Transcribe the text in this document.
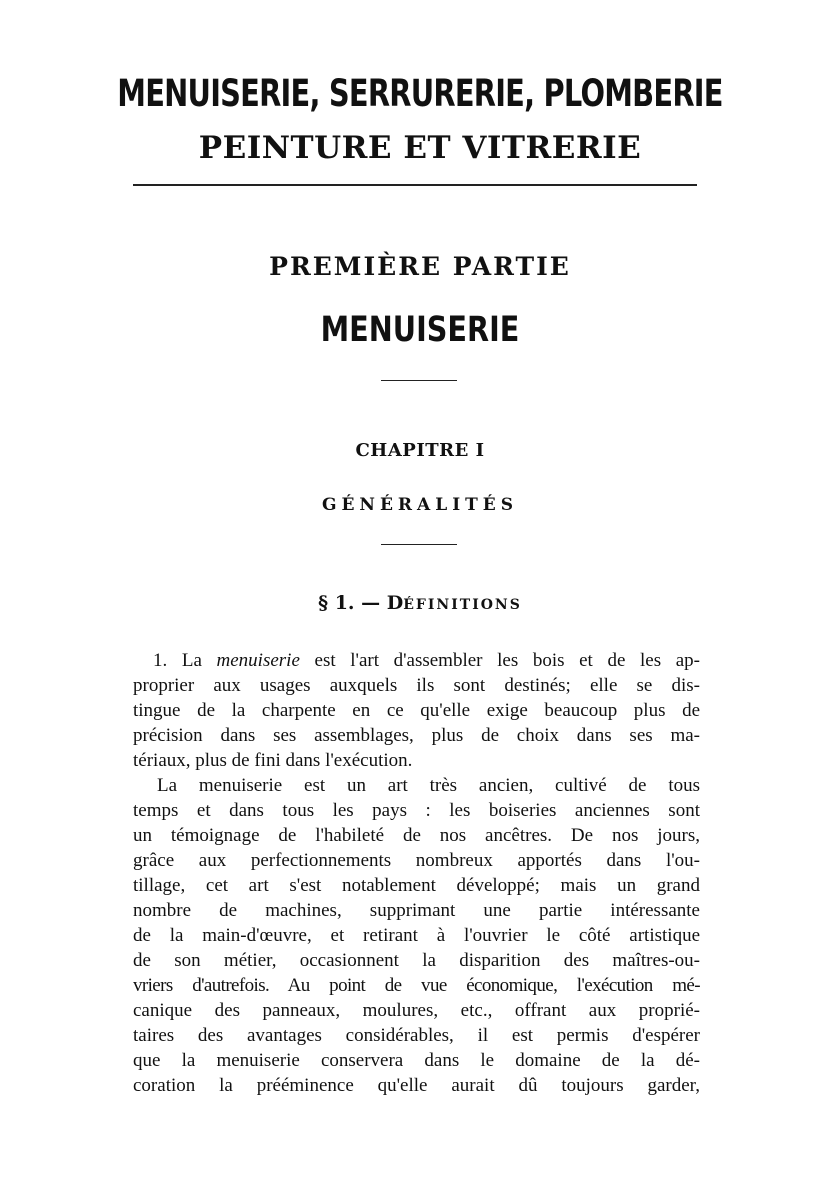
MENUISERIE, SERRURERIE, PLOMBERIE
PEINTURE ET VITRERIE
PREMIÈRE PARTIE
MENUISERIE
CHAPITRE I
GÉNÉRALITÉS
§ 1. — DÉFINITIONS
1. La menuiserie est l'art d'assembler les bois et de les ap-
proprier aux usages auxquels ils sont destinés; elle se dis-
tingue de la charpente en ce qu'elle exige beaucoup plus de
précision dans ses assemblages, plus de choix dans ses ma-
tériaux, plus de fini dans l'exécution.
La menuiserie est un art très ancien, cultivé de tous
temps et dans tous les pays : les boiseries anciennes sont
un témoignage de l'habileté de nos ancêtres. De nos jours,
grâce aux perfectionnements nombreux apportés dans l'ou-
tillage, cet art s'est notablement développé; mais un grand
nombre de machines, supprimant une partie intéressante
de la main-d'œuvre, et retirant à l'ouvrier le côté artistique
de son métier, occasionnent la disparition des maîtres-ou-
vriers d'autrefois. Au point de vue économique, l'exécution mé-
canique des panneaux, moulures, etc., offrant aux proprié-
taires des avantages considérables, il est permis d'espérer
que la menuiserie conservera dans le domaine de la dé-
coration la prééminence qu'elle aurait dû toujours garder,
